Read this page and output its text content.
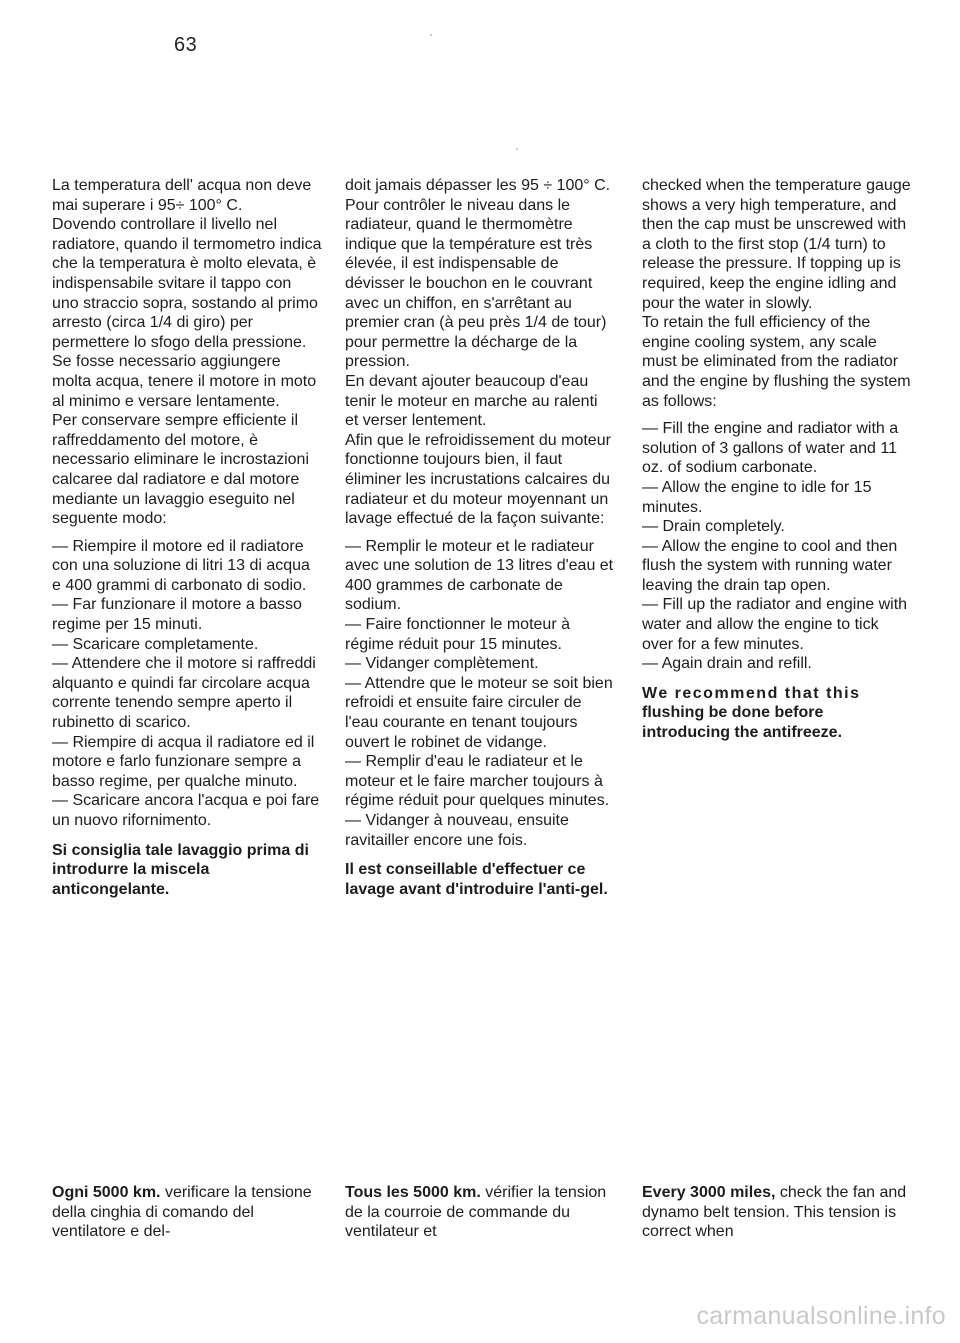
63

La temperatura dell' acqua non deve mai superare i 95÷ 100° C.

Dovendo controllare il livello nel radiatore, quando il termometro indica che la temperatura è molto elevata, è indispensabile svitare il tappo con uno straccio sopra, sostando al primo arresto (circa 1/4 di giro) per permettere lo sfogo della pressione.

Se fosse necessario aggiungere molta acqua, tenere il motore in moto al minimo e versare lentamente.

Per conservare sempre efficiente il raffreddamento del motore, è necessario eliminare le incrostazioni calcaree dal radiatore e dal motore mediante un lavaggio eseguito nel seguente modo:

— Riempire il motore ed il radiatore con una soluzione di litri 13 di acqua e 400 grammi di carbonato di sodio.

— Far funzionare il motore a basso regime per 15 minuti.

— Scaricare completamente.

— Attendere che il motore si raffreddi alquanto e quindi far circolare acqua corrente tenendo sempre aperto il rubinetto di scarico.

— Riempire di acqua il radiatore ed il motore e farlo funzionare sempre a basso regime, per qualche minuto.

— Scaricare ancora l'acqua e poi fare un nuovo rifornimento.

Si consiglia tale lavaggio prima di introdurre la miscela anticongelante.

doit jamais dépasser les 95 ÷ 100° C.

Pour contrôler le niveau dans le radiateur, quand le thermomètre indique que la température est très élevée, il est indispensable de dévisser le bouchon en le couvrant avec un chiffon, en s'arrêtant au premier cran (à peu près 1/4 de tour) pour permettre la décharge de la pression.

En devant ajouter beaucoup d'eau tenir le moteur en marche au ralenti et verser lentement.

Afin que le refroidissement du moteur fonctionne toujours bien, il faut éliminer les incrustations calcaires du radiateur et du moteur moyennant un lavage effectué de la façon suivante:

— Remplir le moteur et le radiateur avec une solution de 13 litres d'eau et 400 grammes de carbonate de sodium.

— Faire fonctionner le moteur à régime réduit pour 15 minutes.

— Vidanger complètement.

— Attendre que le moteur se soit bien refroidi et ensuite faire circuler de l'eau courante en tenant toujours ouvert le robinet de vidange.

— Remplir d'eau le radiateur et le moteur et le faire marcher toujours à régime réduit pour quelques minutes.

— Vidanger à nouveau, ensuite ravitailler encore une fois.

Il est conseillable d'effectuer ce lavage avant d'introduire l'anti-gel.

checked when the temperature gauge shows a very high temperature, and then the cap must be unscrewed with a cloth to the first stop (1/4 turn) to release the pressure. If topping up is required, keep the engine idling and pour the water in slowly.

To retain the full efficiency of the engine cooling system, any scale must be eliminated from the radiator and the engine by flushing the system as follows:

— Fill the engine and radiator with a solution of 3 gallons of water and 11 oz. of sodium carbonate.

— Allow the engine to idle for 15 minutes.

— Drain completely.

— Allow the engine to cool and then flush the system with running water leaving the drain tap open.

— Fill up the radiator and engine with water and allow the engine to tick over for a few minutes.

— Again drain and refill.

We recommend that this flushing be done before introducing the antifreeze.

Ogni 5000 km. verificare la tensione della cinghia di comando del ventilatore e del-

Tous les 5000 km. vérifier la tension de la courroie de commande du ventilateur et

Every 3000 miles, check the fan and dynamo belt tension. This tension is correct when

carmanualsonline.info
